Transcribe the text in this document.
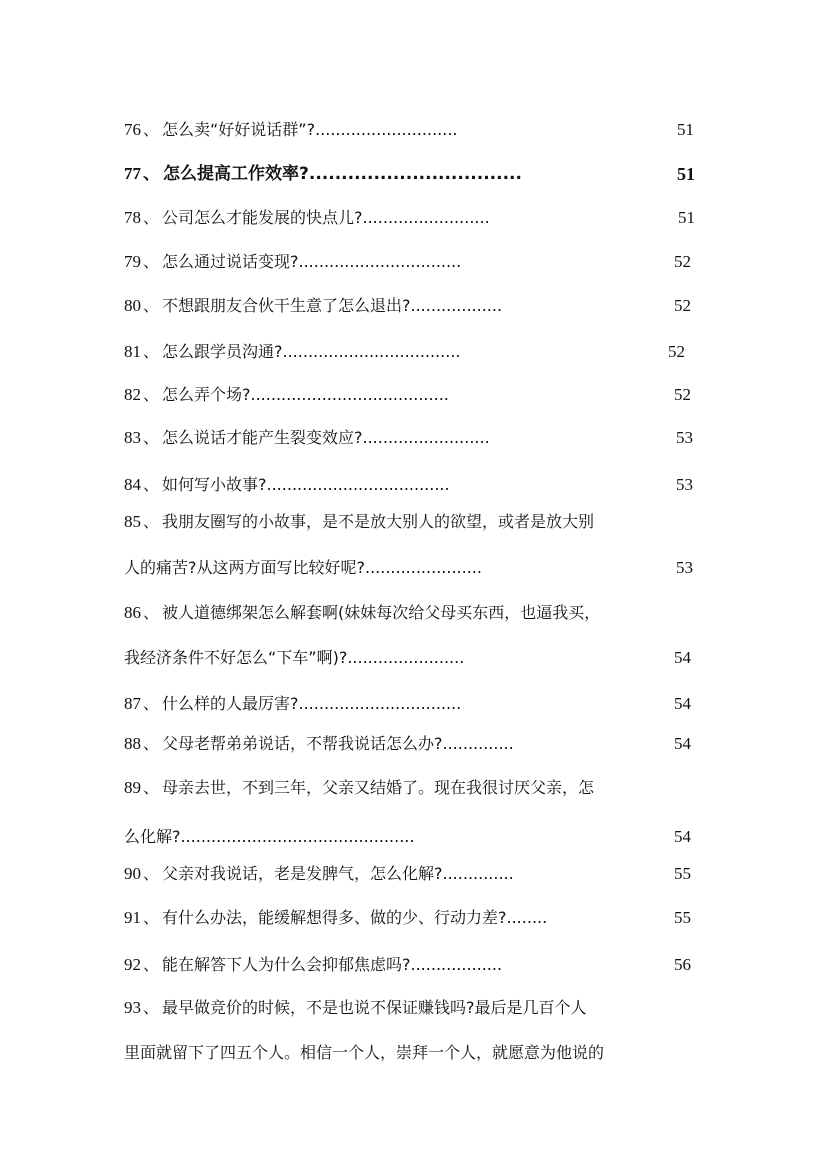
76 、 怎么卖“好好说话群”?............................	51
77 、 怎么提高工作效率?.................................	51
78 、 公司怎么才能发展的快点儿?.........................	51
79 、 怎么通过说话变现?................................	52
80 、 不想跟朋友合伙干生意了怎么退出?..................	52
81 、 怎么跟学员沟通?...................................	52
82 、 怎么弄个场?.......................................	52
83 、 怎么说话才能产生裂变效应?.........................	53
84 、 如何写小故事?....................................	53
85 、 我朋友圈写的小故事，是不是放大别人的欲望，或者是放大别
人的痛苦?从这两方面写比较好呢?.......................	53
86 、 被人道德绑架怎么解套啊(妹妹每次给父母买东西，也逼我买，
我经济条件不好怎么“下车”啊)?.......................	54
87 、 什么样的人最厉害?................................	54
88 、 父母老帮弟弟说话，不帮我说话怎么办?..............	54
89 、 母亲去世，不到三年，父亲又结婚了。现在我很讨厌父亲，怎
么化解?..............................................	54
90 、 父亲对我说话，老是发脾气，怎么化解?..............	55
91 、 有什么办法，能缓解想得多、做的少、行动力差?........	55
92 、 能在解答下人为什么会抑郁焦虑吗?..................	56
93 、 最早做竞价的时候，不是也说不保证赚钱吗?最后是几百个人
里面就留下了四五个人。相信一个人，崇拜一个人，就愿意为他说的
